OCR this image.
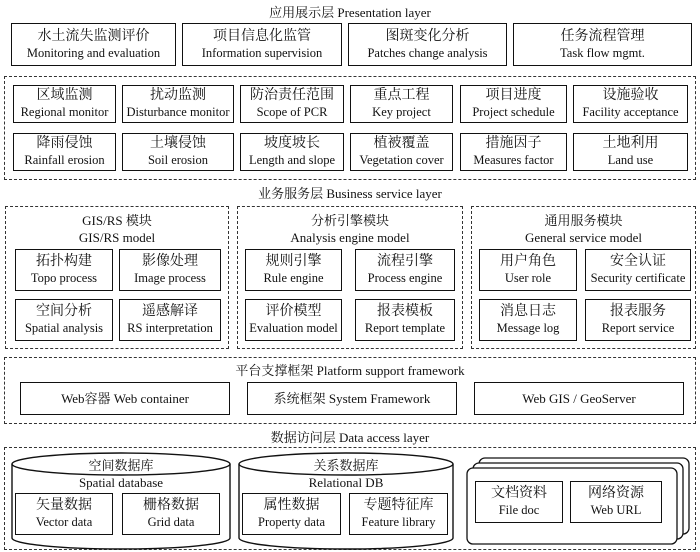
应用展示层 Presentation layer
水土流失监测评价
Monitoring and evaluation
项目信息化监管
Information supervision
图斑变化分析
Patches change analysis
任务流程管理
Task flow mgmt.
区域监测
Regional monitor
扰动监测
Disturbance monitor
防治责任范围
Scope of PCR
重点工程
Key project
项目进度
Project schedule
设施验收
Facility acceptance
降雨侵蚀
Rainfall erosion
土壤侵蚀
Soil erosion
坡度坡长
Length and slope
植被覆盖
Vegetation cover
措施因子
Measures factor
土地利用
Land use
业务服务层 Business service layer
GIS/RS 模块
GIS/RS model
拓扑构建
Topo process
影像处理
Image process
空间分析
Spatial analysis
遥感解译
RS interpretation
分析引擎模块
Analysis engine model
规则引擎
Rule engine
流程引擎
Process engine
评价模型
Evaluation model
报表模板
Report template
通用服务模块
General service model
用户角色
User role
安全认证
Security certificate
消息日志
Message log
报表服务
Report service
平台支撑框架 Platform support framework
Web容器 Web container	系统框架 System Framework	Web GIS / GeoServer
数据访问层 Data access layer
空间数据库
Spatial database
矢量数据
Vector data
栅格数据
Grid data
关系数据库
Relational DB
属性数据
Property data
专题特征库
Feature library
文档资料
File doc
网络资源
Web URL
